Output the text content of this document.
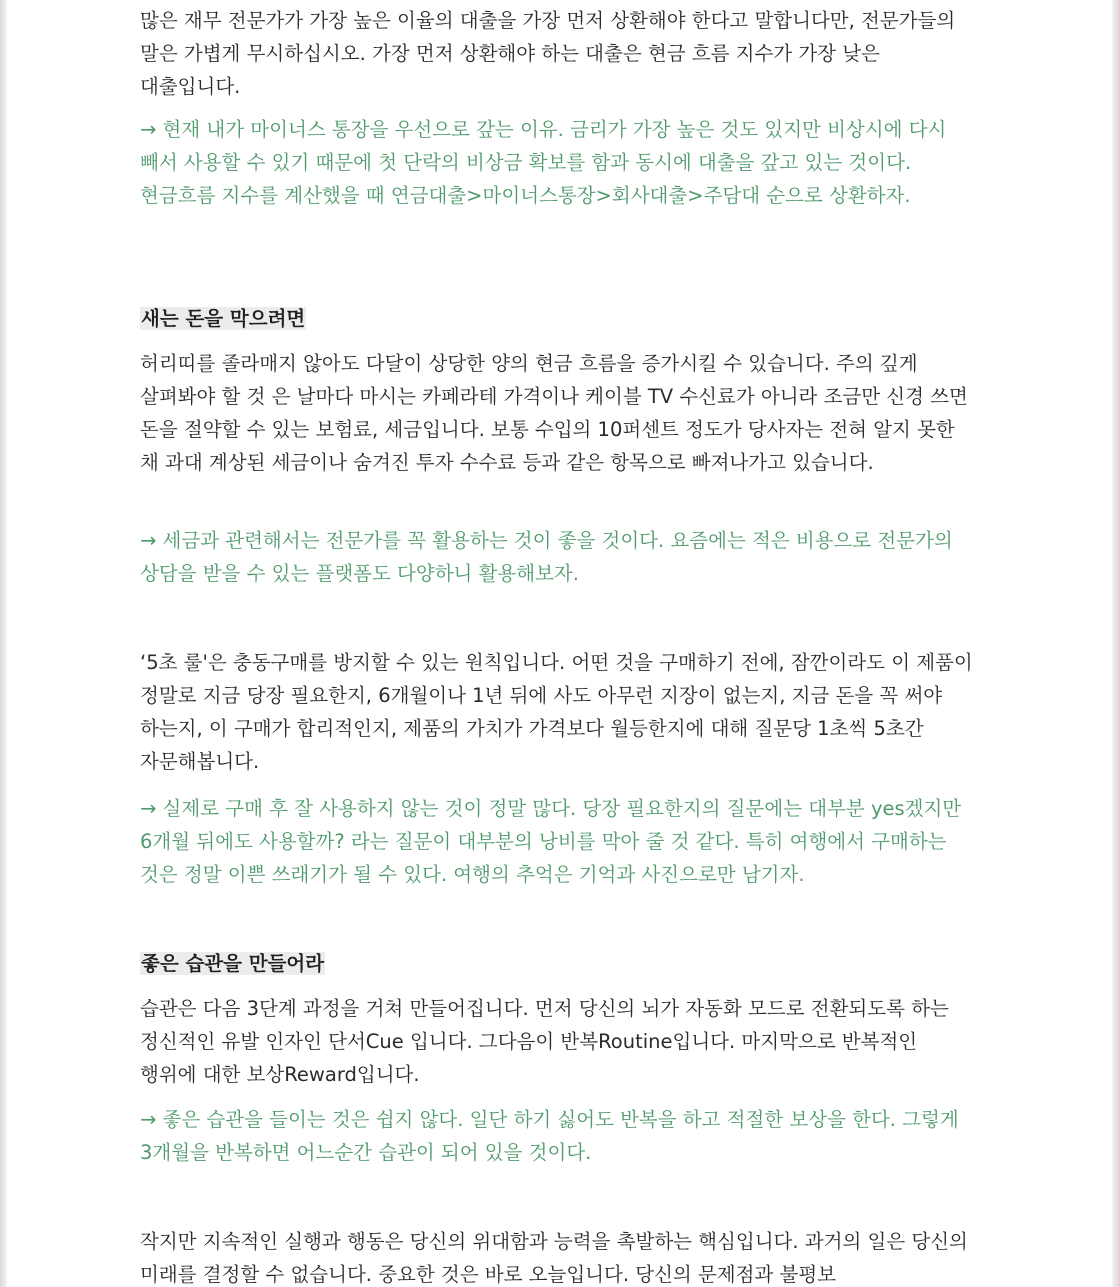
많은 재무 전문가가 가장 높은 이율의 대출을 가장 먼저 상환해야 한다고 말합니다만, 전문가들의 말은 가볍게 무시하십시오. 가장 먼저 상환해야 하는 대출은 현금 흐름 지수가 가장 낮은 대출입니다.

→ 현재 내가 마이너스 통장을 우선으로 갚는 이유. 금리가 가장 높은 것도 있지만 비상시에 다시 빼서 사용할 수 있기 때문에 첫 단락의 비상금 확보를 함과 동시에 대출을 갚고 있는 것이다. 현금흐름 지수를 계산했을 때 연금대출>마이너스통장>회사대출>주담대 순으로 상환하자.

새는 돈을 막으려면

허리띠를 졸라매지 않아도 다달이 상당한 양의 현금 흐름을 증가시킬 수 있습니다. 주의 깊게 살펴봐야 할 것 은 날마다 마시는 카페라테 가격이나 케이블 TV 수신료가 아니라 조금만 신경 쓰면 돈을 절약할 수 있는 보험료, 세금입니다. 보통 수입의 10퍼센트 정도가 당사자는 전혀 알지 못한 채 과대 계상된 세금이나 숨겨진 투자 수수료 등과 같은 항목으로 빠져나가고 있습니다.

→ 세금과 관련해서는 전문가를 꼭 활용하는 것이 좋을 것이다. 요즘에는 적은 비용으로 전문가의 상담을 받을 수 있는 플랫폼도 다양하니 활용해보자.

‘5초 룰'은 충동구매를 방지할 수 있는 원칙입니다. 어떤 것을 구매하기 전에, 잠깐이라도 이 제품이 정말로 지금 당장 필요한지, 6개월이나 1년 뒤에 사도 아무런 지장이 없는지, 지금 돈을 꼭 써야 하는지, 이 구매가 합리적인지, 제품의 가치가 가격보다 월등한지에 대해 질문당 1초씩 5초간 자문해봅니다.

→ 실제로 구매 후 잘 사용하지 않는 것이 정말 많다. 당장 필요한지의 질문에는 대부분 yes겠지만 6개월 뒤에도 사용할까? 라는 질문이 대부분의 낭비를 막아 줄 것 같다. 특히 여행에서 구매하는 것은 정말 이쁜 쓰래기가 될 수 있다. 여행의 추억은 기억과 사진으로만 남기자.

좋은 습관을 만들어라

습관은 다음 3단계 과정을 거쳐 만들어집니다. 먼저 당신의 뇌가 자동화 모드로 전환되도록 하는 정신적인 유발 인자인 단서Cue 입니다. 그다음이 반복Routine입니다. 마지막으로 반복적인 행위에 대한 보상Reward입니다.

→ 좋은 습관을 들이는 것은 쉽지 않다. 일단 하기 싫어도 반복을 하고 적절한 보상을 한다. 그렇게 3개월을 반복하면 어느순간 습관이 되어 있을 것이다.

작지만 지속적인 실행과 행동은 당신의 위대함과 능력을 촉발하는 핵심입니다. 과거의 일은 당신의 미래를 결정할 수 없습니다. 중요한 것은 바로 오늘입니다. 당신의 문제점과 불평보
